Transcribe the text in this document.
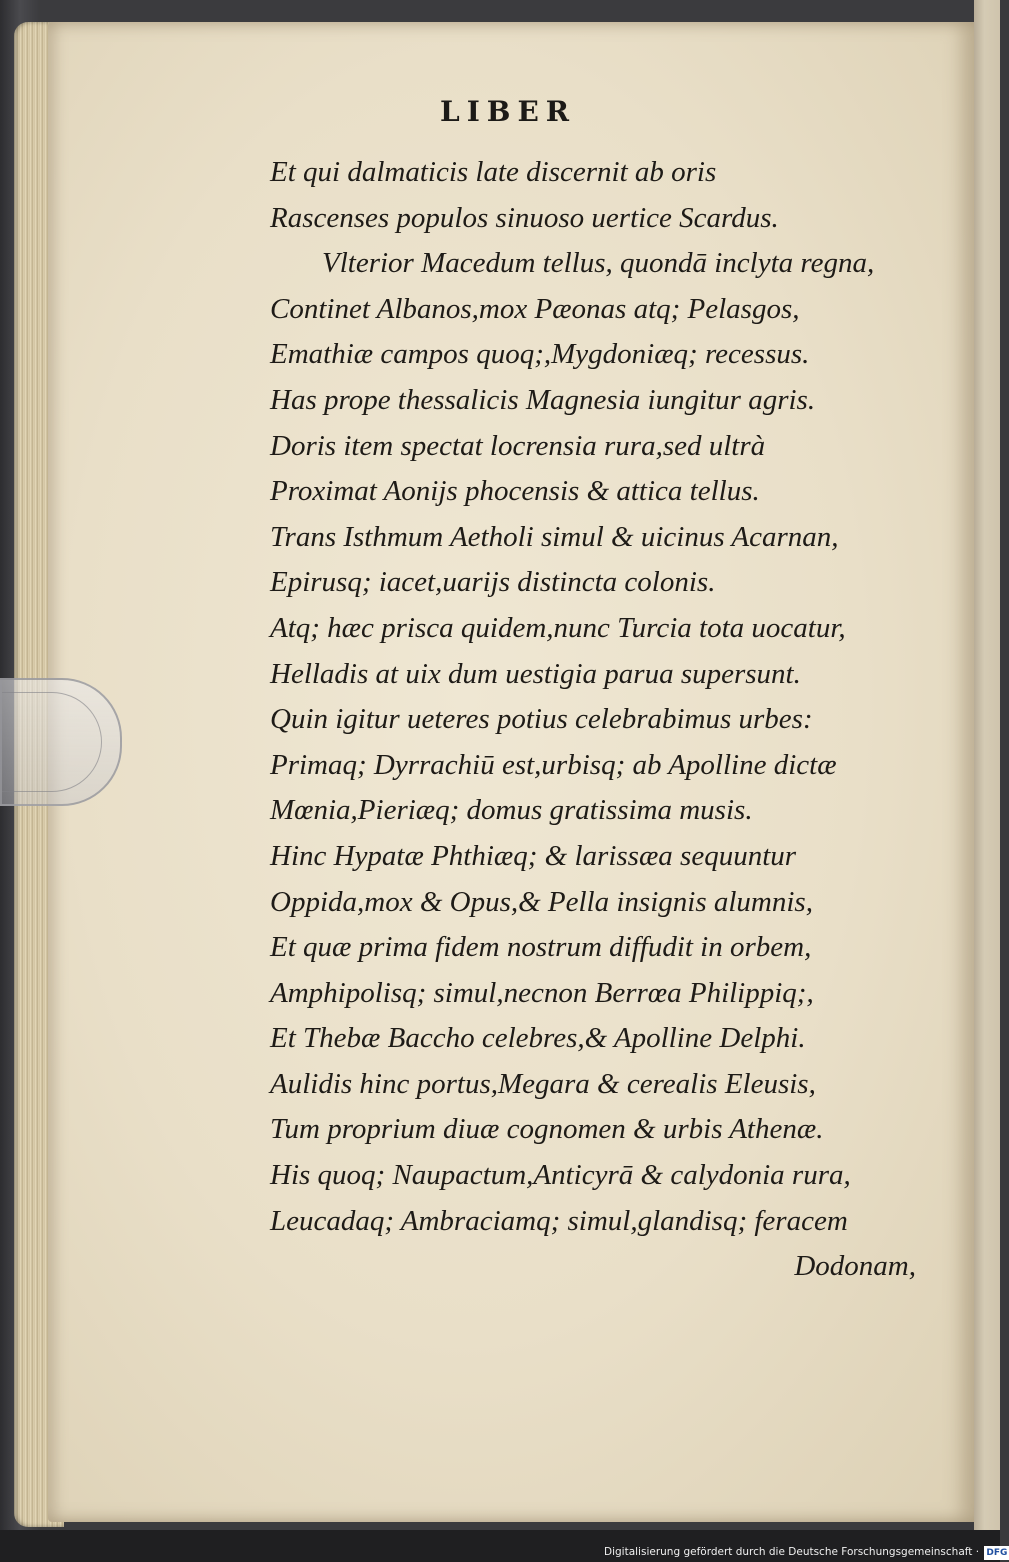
LIBER
Et qui dalmaticis late discernit ab oris
Rascenses populos sinuoso uertice Scardus.
Vlterior Macedum tellus, quondā inclyta regna,
Continet Albanos,mox Pæonas atq; Pelasgos,
Emathiæ campos quoq;,Mygdoniæq; recessus.
Has prope thessalicis Magnesia iungitur agris.
Doris item spectat locrensia rura,sed ultrà
Proximat Aonijs phocensis & attica tellus.
Trans Isthmum Aetholi simul & uicinus Acarnan,
Epirusq; iacet,uarijs distincta colonis.
Atq; hæc prisca quidem,nunc Turcia tota uocatur,
Helladis at uix dum uestigia parua supersunt.
Quin igitur ueteres potius celebrabimus urbes:
Primaq; Dyrrachiū est,urbisq; ab Apolline dictæ
Mœnia,Pieriæq; domus gratissima musis.
Hinc Hypatæ Phthiæq; & larissæa sequuntur
Oppida,mox & Opus,& Pella insignis alumnis,
Et quæ prima fidem nostrum diffudit in orbem,
Amphipolisq; simul,necnon Berrœa Philippiq;,
Et Thebæ Baccho celebres,& Apolline Delphi.
Aulidis hinc portus,Megara & cerealis Eleusis,
Tum proprium diuæ cognomen & urbis Athenæ.
His quoq; Naupactum,Anticyrā & calydonia rura,
Leucadaq; Ambraciamq; simul,glandisq; feracem
Dodonam,
Digitalisierung gefördert durch die Deutsche Forschungsgemeinschaft · DFG
